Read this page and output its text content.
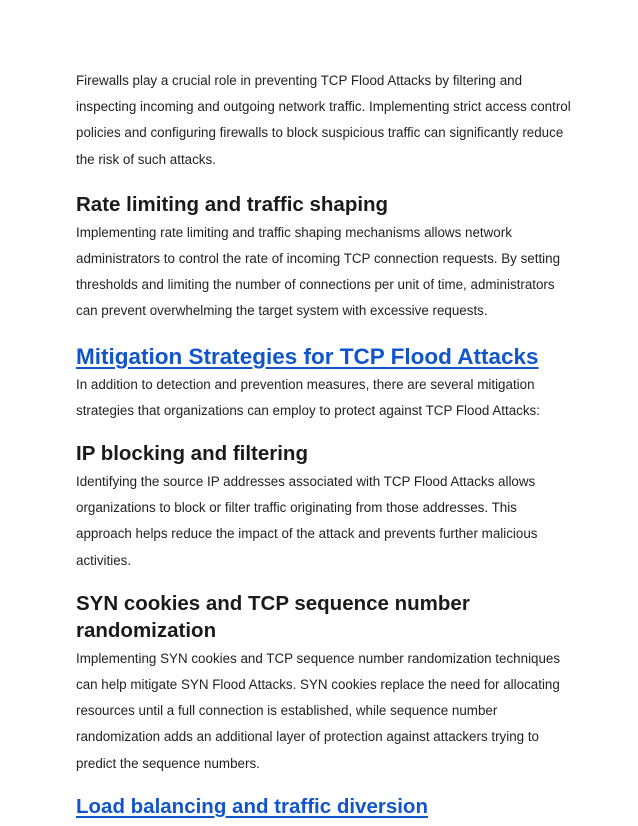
Firewalls play a crucial role in preventing TCP Flood Attacks by filtering and inspecting incoming and outgoing network traffic. Implementing strict access control policies and configuring firewalls to block suspicious traffic can significantly reduce the risk of such attacks.

Rate limiting and traffic shaping

Implementing rate limiting and traffic shaping mechanisms allows network administrators to control the rate of incoming TCP connection requests. By setting thresholds and limiting the number of connections per unit of time, administrators can prevent overwhelming the target system with excessive requests.

Mitigation Strategies for TCP Flood Attacks

In addition to detection and prevention measures, there are several mitigation strategies that organizations can employ to protect against TCP Flood Attacks:

IP blocking and filtering

Identifying the source IP addresses associated with TCP Flood Attacks allows organizations to block or filter traffic originating from those addresses. This approach helps reduce the impact of the attack and prevents further malicious activities.

SYN cookies and TCP sequence number randomization

Implementing SYN cookies and TCP sequence number randomization techniques can help mitigate SYN Flood Attacks. SYN cookies replace the need for allocating resources until a full connection is established, while sequence number randomization adds an additional layer of protection against attackers trying to predict the sequence numbers.

Load balancing and traffic diversion
